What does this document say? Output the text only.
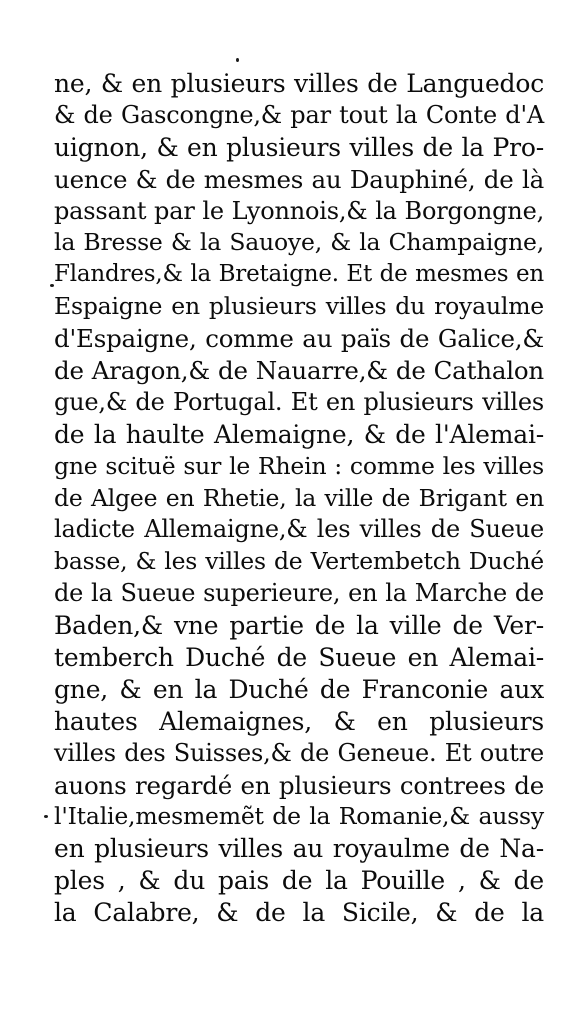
ne, & en plusieurs villes de Languedoc
& de Gascongne,& par tout la Conte d'A
uignon, & en plusieurs villes de la Pro-
uence & de mesmes au Dauphiné, de là
passant par le Lyonnois,& la Borgongne,
la Bresse & la Sauoye, & la Champaigne,
Flandres,& la Bretaigne. Et de mesmes en
Espaigne en plusieurs villes du royaulme
d'Espaigne, comme au païs de Galice,&
de Aragon,& de Nauarre,& de Cathalon
gue,& de Portugal. Et en plusieurs villes
de la haulte Alemaigne, & de l'Alemai-
gne scituë sur le Rhein : comme les villes
de Algee en Rhetie, la ville de Brigant en
ladicte Allemaigne,& les villes de Sueue
basse, & les villes de Vertembetch Duché
de la Sueue superieure, en la Marche de
Baden,& vne partie de la ville de Ver-
temberch Duché de Sueue en Alemai-
gne, & en la Duché de Franconie aux
hautes Alemaignes, & en plusieurs
villes des Suisses,& de Geneue. Et outre
auons regardé en plusieurs contrees de
l'Italie,mesmemẽt de la Romanie,& aussy
en plusieurs villes au royaulme de Na-
ples , & du pais de la Pouille , & de
la Calabre, & de la Sicile, & de la
